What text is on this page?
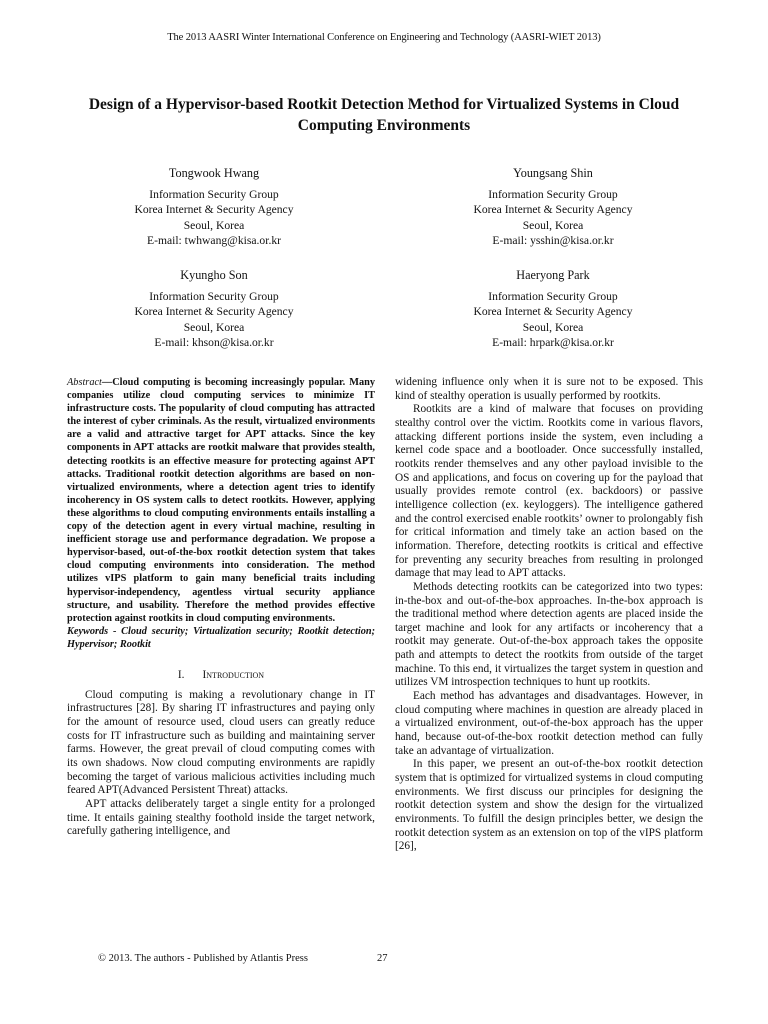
The 2013 AASRI Winter International Conference on Engineering and Technology (AASRI-WIET 2013)
Design of a Hypervisor-based Rootkit Detection Method for Virtualized Systems in Cloud Computing Environments
Tongwook Hwang
Information Security Group
Korea Internet & Security Agency
Seoul, Korea
E-mail: twhwang@kisa.or.kr
Youngsang Shin
Information Security Group
Korea Internet & Security Agency
Seoul, Korea
E-mail: ysshin@kisa.or.kr
Kyungho Son
Information Security Group
Korea Internet & Security Agency
Seoul, Korea
E-mail: khson@kisa.or.kr
Haeryong Park
Information Security Group
Korea Internet & Security Agency
Seoul, Korea
E-mail: hrpark@kisa.or.kr

Abstract—Cloud computing is becoming increasingly popular. Many companies utilize cloud computing services to minimize IT infrastructure costs. The popularity of cloud computing has attracted the interest of cyber criminals. As the result, virtualized environments are a valid and attractive target for APT attacks. Since the key components in APT attacks are rootkit malware that provides stealth, detecting rootkits is an effective measure for protecting against APT attacks. Traditional rootkit detection algorithms are based on non-virtualized environments, where a detection agent tries to identify incoherency in OS system calls to detect rootkits. However, applying these algorithms to cloud computing environments entails installing a copy of the detection agent in every virtual machine, resulting in inefficient storage use and performance degradation. We propose a hypervisor-based, out-of-the-box rootkit detection system that takes cloud computing environments into consideration. The method utilizes vIPS platform to gain many beneficial traits including hypervisor-independency, agentless virtual security appliance structure, and usability. Therefore the method provides effective protection against rootkits in cloud computing environments.

Keywords - Cloud security; Virtualization security; Rootkit detection; Hypervisor; Rootkit

I. Introduction

Cloud computing is making a revolutionary change in IT infrastructures [28]. By sharing IT infrastructures and paying only for the amount of resource used, cloud users can greatly reduce costs for IT infrastructure such as building and maintaining server farms. However, the great prevail of cloud computing comes with its own shadows. Now cloud computing environments are rapidly becoming the target of various malicious activities including much feared APT(Advanced Persistent Threat) attacks.

APT attacks deliberately target a single entity for a prolonged time. It entails gaining stealthy foothold inside the target network, carefully gathering intelligence, and

widening influence only when it is sure not to be exposed. This kind of stealthy operation is usually performed by rootkits.

Rootkits are a kind of malware that focuses on providing stealthy control over the victim. Rootkits come in various flavors, attacking different portions inside the system, even including a kernel code space and a bootloader. Once successfully installed, rootkits render themselves and any other payload invisible to the OS and applications, and focus on covering up for the payload that usually provides remote control (ex. backdoors) or passive intelligence collection (ex. keyloggers). The intelligence gathered and the control exercised enable rootkits’ owner to prolongably fish for critical information and timely take an action based on the information. Therefore, detecting rootkits is critical and effective for preventing any security breaches from resulting in prolonged damage that may lead to APT attacks.

Methods detecting rootkits can be categorized into two types: in-the-box and out-of-the-box approaches. In-the-box approach is the traditional method where detection agents are placed inside the target machine and look for any artifacts or incoherency that a rootkit may generate. Out-of-the-box approach takes the opposite path and attempts to detect the rootkits from outside of the target machine. To this end, it virtualizes the target system in question and utilizes VM introspection techniques to hunt up rootkits.

Each method has advantages and disadvantages. However, in cloud computing where machines in question are already placed in a virtualized environment, out-of-the-box approach has the upper hand, because out-of-the-box rootkit detection method can fully take an advantage of virtualization.

In this paper, we present an out-of-the-box rootkit detection system that is optimized for virtualized systems in cloud computing environments. We first discuss our principles for designing the rootkit detection system and show the design for the virtualized environments. To fulfill the design principles better, we design the rootkit detection system as an extension on top of the vIPS platform [26],

© 2013. The authors - Published by Atlantis Press	27
